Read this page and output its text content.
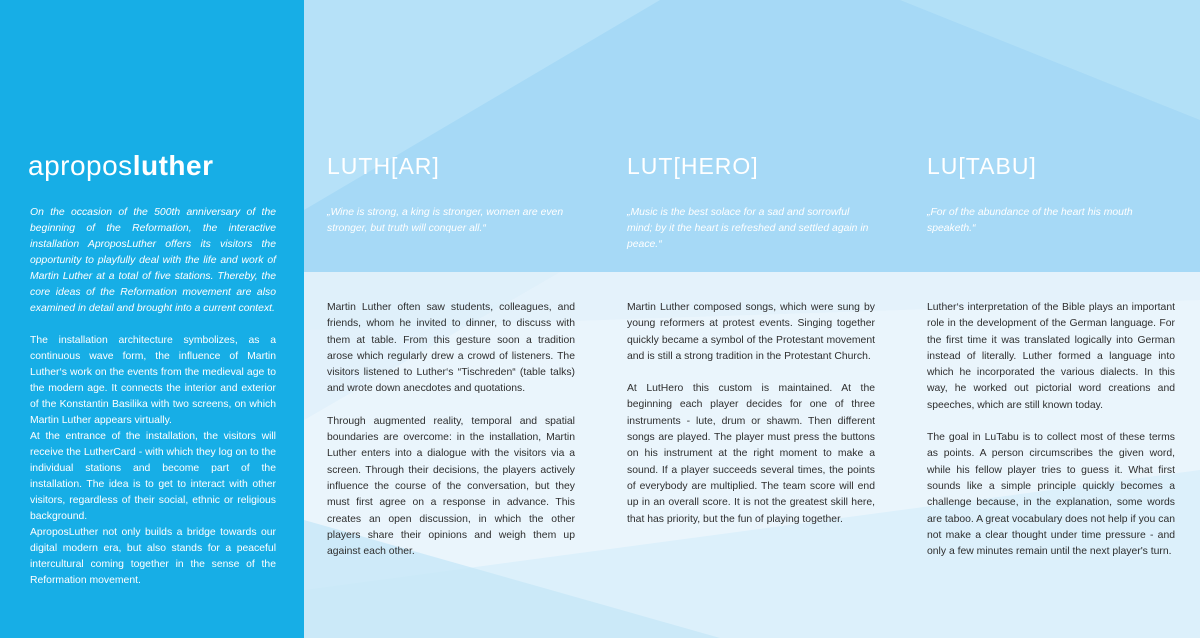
aproposluther

On the occasion of the 500th anniversary of the beginning of the Reformation, the interactive installation AproposLuther offers its visitors the opportunity to playfully deal with the life and work of Martin Luther at a total of five stations. Thereby, the core ideas of the Reformation movement are also examined in detail and brought into a current context.

The installation architecture symbolizes, as a continuous wave form, the influence of Martin Luther‘s work on the events from the medieval age to the modern age. It connects the interior and exterior of the Konstantin Basilika with two screens, on which Martin Luther appears virtually.

At the entrance of the installation, the visitors will receive the LutherCard - with which they log on to the individual stations and become part of the installation. The idea is to get to interact with other visitors, regardless of their social, ethnic or religious background.

AproposLuther not only builds a bridge towards our digital modern era, but also stands for a peaceful intercultural coming together in the sense of the Reformation movement.

LUTH[AR]

„Wine is strong, a king is stronger, women are even stronger, but truth will conquer all.“

Martin Luther often saw students, colleagues, and friends, whom he invited to dinner, to discuss with them at table. From this gesture soon a tradition arose which regularly drew a crowd of listeners. The visitors listened to Luther‘s “Tischreden“ (table talks) and wrote down anecdotes and quotations.

Through augmented reality, temporal and spatial boundaries are overcome: in the installation, Martin Luther enters into a dialogue with the visitors via a screen. Through their decisions, the players actively influence the course of the conversation, but they must first agree on a response in advance. This creates an open discussion, in which the other players share their opinions and weigh them up against each other.

LUT[HERO]

„Music is the best solace for a sad and sorrowful mind; by it the heart is refreshed and settled again in peace.“

Martin Luther composed songs, which were sung by young reformers at protest events. Singing together quickly became a symbol of the Protestant movement and is still a strong tradition in the Protestant Church.

At LutHero this custom is maintained. At the beginning each player decides for one of three instruments - lute, drum or shawm. Then different songs are played. The player must press the buttons on his instrument at the right moment to make a sound. If a player succeeds several times, the points of everybody are multiplied. The team score will end up in an overall score. It is not the greatest skill here, that has priority, but the fun of playing together.

LU[TABU]

„For of the abundance of the heart his mouth speaketh.“

Luther‘s interpretation of the Bible plays an important role in the development of the German language. For the first time it was translated logically into German instead of literally. Luther formed a language into which he incorporated the various dialects. In this way, he worked out pictorial word creations and speeches, which are still known today.

The goal in LuTabu is to collect most of these terms as points. A person circumscribes the given word, while his fellow player tries to guess it. What first sounds like a simple principle quickly becomes a challenge because, in the explanation, some words are taboo. A great vocabulary does not help if you can not make a clear thought under time pressure - and only a few minutes remain until the next player's turn.
